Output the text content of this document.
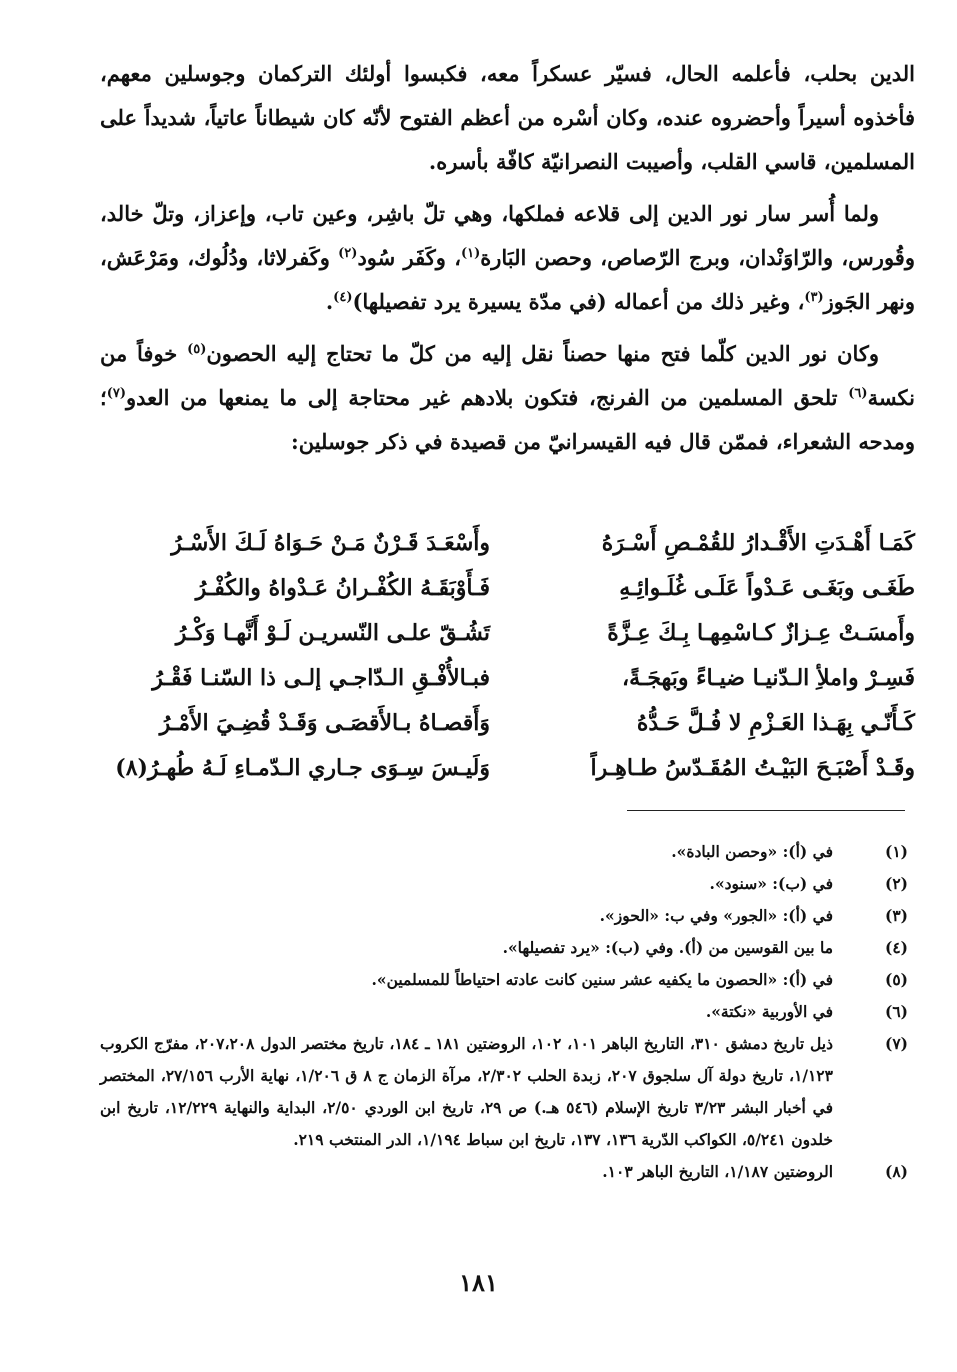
الدين بحلب، فأعلمه الحال، فسيّر عسكراً معه، فكبسوا أولئك التركمان وجوسلين معهم، فأخذوه أسيراً وأحضروه عنده، وكان أسْره من أعظم الفتوح لأنّه كان شيطاناً عاتياً، شديداً على المسلمين، قاسي القلب، وأصيبت النصرانيّة كافّة بأسره.

ولما أُسر سار نور الدين إلى قلاعه فملكها، وهي تلّ باشِر، وعين تاب، وإعزاز، وتلّ خالد، وقُورس، والرّاوَنْدان، وبرج الرّصاص، وحصن البَارة$^{(١)}$، وكَفَر سُود$^{(٢)}$ وكَفرلاثا، ودُلُوك، ومَرْعَش، ونهر الجَوز$^{(٣)}$، وغير ذلك من أعماله (في مدّة يسيرة يرد تفصيلها)$^{(٤)}$.

وكان نور الدين كلّما فتح منها حصناً نقل إليه من كلّ ما تحتاج إليه الحصون$^{(٥)}$ خوفاً من نكسة$^{(٦)}$ تلحق المسلمين من الفرنج، فتكون بلادهم غير محتاجة إلى ما يمنعها من العدو$^{(٧)}$؛ ومدحه الشعراء، فممّن قال فيه القيسرانيّ من قصيدة في ذكر جوسلين:

كَمَـا أَهْـدَتِ الأَقْـدارُ للقُمْـصِ أَسْـرَهُ
وأَسْعَـدَ قَـرْنٌ مَـنْ حَـوَاهُ لَـكَ الأَسْـرُ
طَغَـى وبَغَـى عَـدْواً عَلَـى غُلَـوائِـهِ
فَـأَوْبَقَـهُ الكُفْـرانُ عَـدْواهُ والكُفْـرُ
وأَمسَـتْ عِـزازٌ كـاسْمِهـا بِـكَ عِـزَّةً
تَشُـقّ علـى النّسريـن لَـوْ أَنَّهـا وَكْـرُ
فَسِـرْ واملأِ الـدّنيـا ضيـاءً وبَهجَـةً،
فبـالأُفْـقِ الـدّاجـي إلـى ذا السّنـا فَقْـرُ
كَـأَنّـي بِهَـذا العَـزْمِ لا فُـلَّ حَـدُّهُ
وَأَقصـاهُ بـالأَقصَـى وَقَـدْ قُضِـيَ الأَمْـرُ
وقَـدْ أَصْبَـحَ البَيْـتُ المُقَـدّسُ طـاهِـراً
وَلَيـسَ سِـوَى جـاري الـدّمـاءِ لَـهُ طُهـرُ(٨)
(١)
في (أ): «وحصن البادة».
(٢)
في (ب): «سنود».
(٣)
في (أ): «الجور» وفي ب: «الحوز».
(٤)
ما بين القوسين من (أ). وفي (ب): «يرد تفصيلها».
(٥)
في (أ): «الحصون ما يكفيه عشر سنين كانت عادته احتياطاً للمسلمين».
(٦)
في الأوربية «نكتة».
(٧)
ذيل تاريخ دمشق ٣١٠، التاريخ الباهر ١٠١، ١٠٢، الروضتين ١٨١ ـ ١٨٤، تاريخ مختصر الدول ٢٠٧،٢٠٨، مفرّج الكروب ١/١٢٣، تاريخ دولة آل سلجوق ٢٠٧، زبدة الحلب ٢/٣٠٢، مرآة الزمان ج ٨ ق ١/٢٠٦، نهاية الأرب ٢٧/١٥٦، المختصر في أخبار البشر ٣/٢٣ تاريخ الإسلام (٥٤٦ هـ.) ص ٢٩، تاريخ ابن الوردي ٢/٥٠، البداية والنهاية ١٢/٢٢٩، تاريخ ابن خلدون ٥/٢٤١، الكواكب الدّرية ١٣٦، ١٣٧، تاريخ ابن سباط ١/١٩٤، الدر المنتخب ٢١٩.
(٨)
الروضتين ١/١٨٧، التاريخ الباهر ١٠٣.
١٨١
